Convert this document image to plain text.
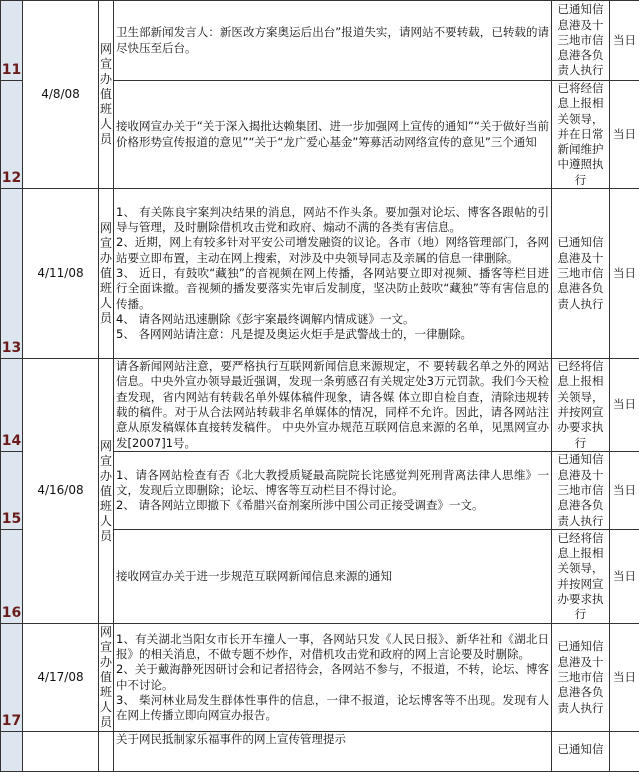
11	4/8/08	网宣办值班人员	卫生部新闻发言人：新医改方案奥运后出台”报道失实，请网站不要转载，已转载的请尽快压至后台。	已通知信息港及十三地市信息港各负责人执行	当日
12			接收网宣办关于“关于深入揭批达赖集团、进一步加强网上宣传的通知”“关于做好当前价格形势宣传报道的意见”“关于“龙广爱心基金”筹募活动网络宣传的意见”三个通知	已将经信息上报相关领导，并在日常新闻维护中遵照执行	当日
13	4/11/08	网宣办值班人员	1、 有关陈良宇案判决结果的消息，网站不作头条。要加强对论坛、博客各跟帖的引导与管理，及时删除借机攻击党和政府、煽动不满的各类有害信息。

2、近期，网上有较多针对平安公司增发融资的议论。各市（地）网络管理部门，各网站要立即布置，主动在网上搜索，对涉及中央领导同志及亲属的信息一律删除。

3、 近日，有鼓吹“藏独”的音视频在网上传播，各网站要立即对视频、播客等栏目进行全面诛撤。音视频的播发要落实先审后发制度，坚决防止鼓吹“藏独”等有害信息的传播。

4、 请各网站迅速删除《彭宇案最终调解内情成谜》一文。

5、 各网网站请注意：凡是提及奥运火炬手是武警战士的，一律删除。	已通知信息港及十三地市信息港各负责人执行	当日
14	4/16/08	网宣办值班人员	请各新闻网站注意，要严格执行互联网新闻信息来源规定，不 要转载名单之外的网站信息。中央外宣办领导最近强调，发现一条剪感召有关规定处3万元罚款。我们今天检查发现，省内网站有转载名单外媒体稿件现象，请各媒 体立即自检自查，清除违规转载的稿件。对于从合法网站转载非名单媒体的情况，同样不允许。因此，请各网站注意从原发稿媒体直接转发稿件。 中央外宣办规范互联网信息来源的名单，见黑网宣办发[2007]1号。	已经将信息上报相关领导，并按网宣办要求执行	当日
15			1、请各网站检查有否《北大教授质疑最高院院长诧感觉判死刑背离法律人思维》一文，发现后立即删除；论坛、博客等互动栏目不得讨论。

2、 请各网站立即撤下《希腊兴奋剂案所涉中国公司正接受调查》一文。	已通知信息港及十三地市信息港各负责人执行	当日
16			接收网宣办关于进一步规范互联网新闻信息来源的通知	已经将信息上报相关领导，并按网宣办要求执行	当日
17	4/17/08	网宣办值班人员	1、有关湖北当阳女市长开车撞人一事，各网站只发《人民日报》、新华社和《湖北日报》的相关消息，不做专题不炒作，对借机攻击党和政府的网上言论要及时删除。

2、关于戴海静死因研讨会和记者招待会，各网站不参与，不报道，不转，论坛、博客中不讨论。

3、 柴河林业局发生群体性事件的信息，一律不报道，论坛博客等不出现。发现有人在网上传播立即向网宣办报告。	已通知信息港及十三地市信息港各负责人执行	当日

			关于网民抵制家乐福事件的网上宣传管理提示	已通知信	
